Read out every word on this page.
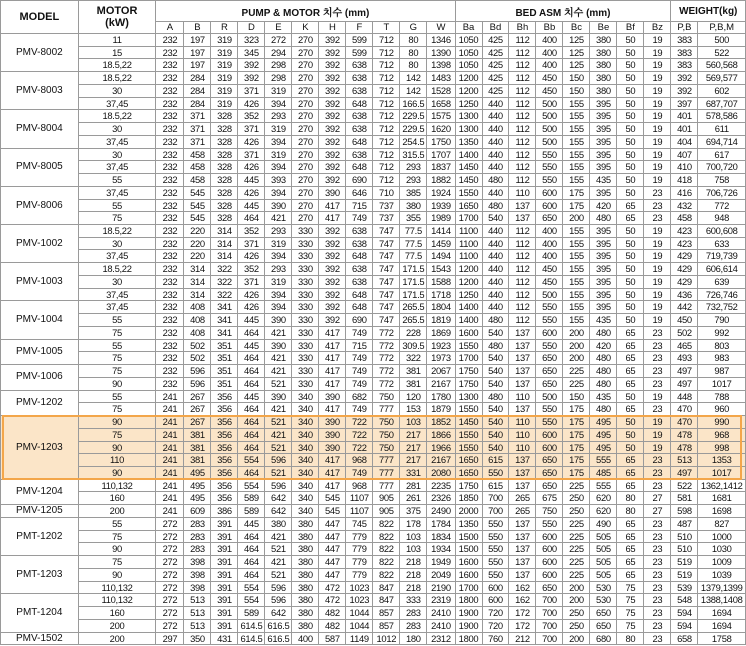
MODEL	MOTOR
(kW)	PUMP & MOTOR 치수 (mm)											BED ASM 치수 (mm)								WEIGHT(kg)	
		A	B	R	D	E	K	H	F	T	G	W	Ba	Bd	Bh	Bb	Bc	Be	Bf	Bz	P,B	P,B,M
PMV-8002	11	232	197	319	323	272	270	392	599	712	80	1346	1050	425	112	400	125	380	50	19	383	500
	15	232	197	319	345	294	270	392	599	712	80	1390	1050	425	112	400	125	380	50	19	383	522
	18.5,22	232	197	319	392	298	270	392	638	712	80	1398	1050	425	112	400	125	380	50	19	383	560,568
PMV-8003	18.5,22	232	284	319	392	298	270	392	638	712	142	1483	1200	425	112	450	150	380	50	19	392	569,577
	30	232	284	319	371	319	270	392	638	712	142	1528	1200	425	112	450	150	380	50	19	392	602
	37,45	232	284	319	426	394	270	392	648	712	166.5	1658	1250	440	112	500	155	395	50	19	397	687,707
PMV-8004	18.5,22	232	371	328	352	293	270	392	638	712	229.5	1575	1300	440	112	500	155	395	50	19	401	578,586
	30	232	371	328	371	319	270	392	638	712	229.5	1620	1300	440	112	500	155	395	50	19	401	611
	37,45	232	371	328	426	394	270	392	648	712	254.5	1750	1350	440	112	500	155	395	50	19	404	694,714
PMV-8005	30	232	458	328	371	319	270	392	638	712	315.5	1707	1400	440	112	550	155	395	50	19	407	617
	37,45	232	458	328	426	394	270	392	648	712	293	1837	1450	440	112	550	155	395	50	19	410	700,720
	55	232	458	328	445	393	270	392	690	712	293	1882	1450	480	112	550	155	435	50	19	418	758
PMV-8006	37,45	232	545	328	426	394	270	390	646	710	385	1924	1550	440	110	600	175	395	50	23	416	706,726
	55	232	545	328	445	390	270	417	715	737	380	1939	1650	480	137	600	175	420	65	23	432	772
	75	232	545	328	464	421	270	417	749	737	355	1989	1700	540	137	650	200	480	65	23	458	948
PMV-1002	18.5,22	232	220	314	352	293	330	392	638	747	77.5	1414	1100	440	112	400	155	395	50	19	423	600,608
	30	232	220	314	371	319	330	392	638	747	77.5	1459	1100	440	112	400	155	395	50	19	423	633
	37,45	232	220	314	426	394	330	392	648	747	77.5	1494	1100	440	112	400	155	395	50	19	429	719,739
PMV-1003	18.5,22	232	314	322	352	293	330	392	638	747	171.5	1543	1200	440	112	450	155	395	50	19	429	606,614
	30	232	314	322	371	319	330	392	638	747	171.5	1588	1200	440	112	450	155	395	50	19	429	639
	37,45	232	314	322	426	394	330	392	648	747	171.5	1718	1250	440	112	500	155	395	50	19	436	726,746
PMV-1004	37,45	232	408	341	426	394	330	392	648	747	265.5	1804	1400	440	112	550	155	395	50	19	442	732,752
	55	232	408	341	445	390	330	392	690	747	265.5	1819	1400	480	112	550	155	435	50	19	450	790
	75	232	408	341	464	421	330	417	749	772	228	1869	1600	540	137	600	200	480	65	23	502	992
PMV-1005	55	232	502	351	445	390	330	417	715	772	309.5	1923	1550	480	137	550	200	420	65	23	465	803
	75	232	502	351	464	421	330	417	749	772	322	1973	1700	540	137	650	200	480	65	23	493	983
PMV-1006	75	232	596	351	464	421	330	417	749	772	381	2067	1750	540	137	650	225	480	65	23	497	987
	90	232	596	351	464	521	330	417	749	772	381	2167	1750	540	137	650	225	480	65	23	497	1017
PMV-1202	55	241	267	356	445	390	340	390	682	750	120	1780	1300	480	110	500	150	435	50	19	448	788
	75	241	267	356	464	421	340	417	749	777	153	1879	1550	540	137	550	175	480	65	23	470	960
PMV-1203	90	241	267	356	464	521	340	390	722	750	103	1852	1450	540	110	550	175	495	50	19	470	990
	75	241	381	356	464	421	340	390	722	750	217	1866	1550	540	110	600	175	495	50	19	478	968
	90	241	381	356	464	521	340	390	722	750	217	1966	1550	540	110	600	175	495	50	19	478	998
	110	241	381	356	554	596	340	417	968	777	217	2167	1650	615	137	650	175	555	65	23	513	1353
	90	241	495	356	464	521	340	417	749	777	331	2080	1650	550	137	650	175	485	65	23	497	1017
PMV-1204	110,132	241	495	356	554	596	340	417	968	777	281	2235	1750	615	137	650	225	555	65	23	522	1362,1412
	160	241	495	356	589	642	340	545	1107	905	261	2326	1850	700	265	675	250	620	80	27	581	1681
PMV-1205	200	241	609	386	589	642	340	545	1107	905	375	2490	2000	700	265	750	250	620	80	27	598	1698
PMT-1202	55	272	283	391	445	380	380	447	745	822	178	1784	1350	550	137	550	225	490	65	23	487	827
	75	272	283	391	464	421	380	447	779	822	103	1834	1500	550	137	600	225	505	65	23	510	1000
	90	272	283	391	464	521	380	447	779	822	103	1934	1500	550	137	600	225	505	65	23	510	1030
PMT-1203	75	272	398	391	464	421	380	447	779	822	218	1949	1600	550	137	600	225	505	65	23	519	1009
	90	272	398	391	464	521	380	447	779	822	218	2049	1600	550	137	600	225	505	65	23	519	1039
	110,132	272	398	391	554	596	380	472	1023	847	218	2190	1700	600	162	650	200	530	75	23	539	1379,1399
PMT-1204	110,132	272	513	391	554	596	380	472	1023	847	333	2319	1800	600	162	700	200	530	75	23	548	1388,1408
	160	272	513	391	589	642	380	482	1044	857	283	2410	1900	720	172	700	250	650	75	23	594	1694
	200	272	513	391	614.5	616.5	380	482	1044	857	283	2410	1900	720	172	700	250	650	75	23	594	1694
PMV-1502	200	297	350	431	614.5	616.5	400	587	1149	1012	180	2312	1800	760	212	700	200	680	80	23	658	1758
